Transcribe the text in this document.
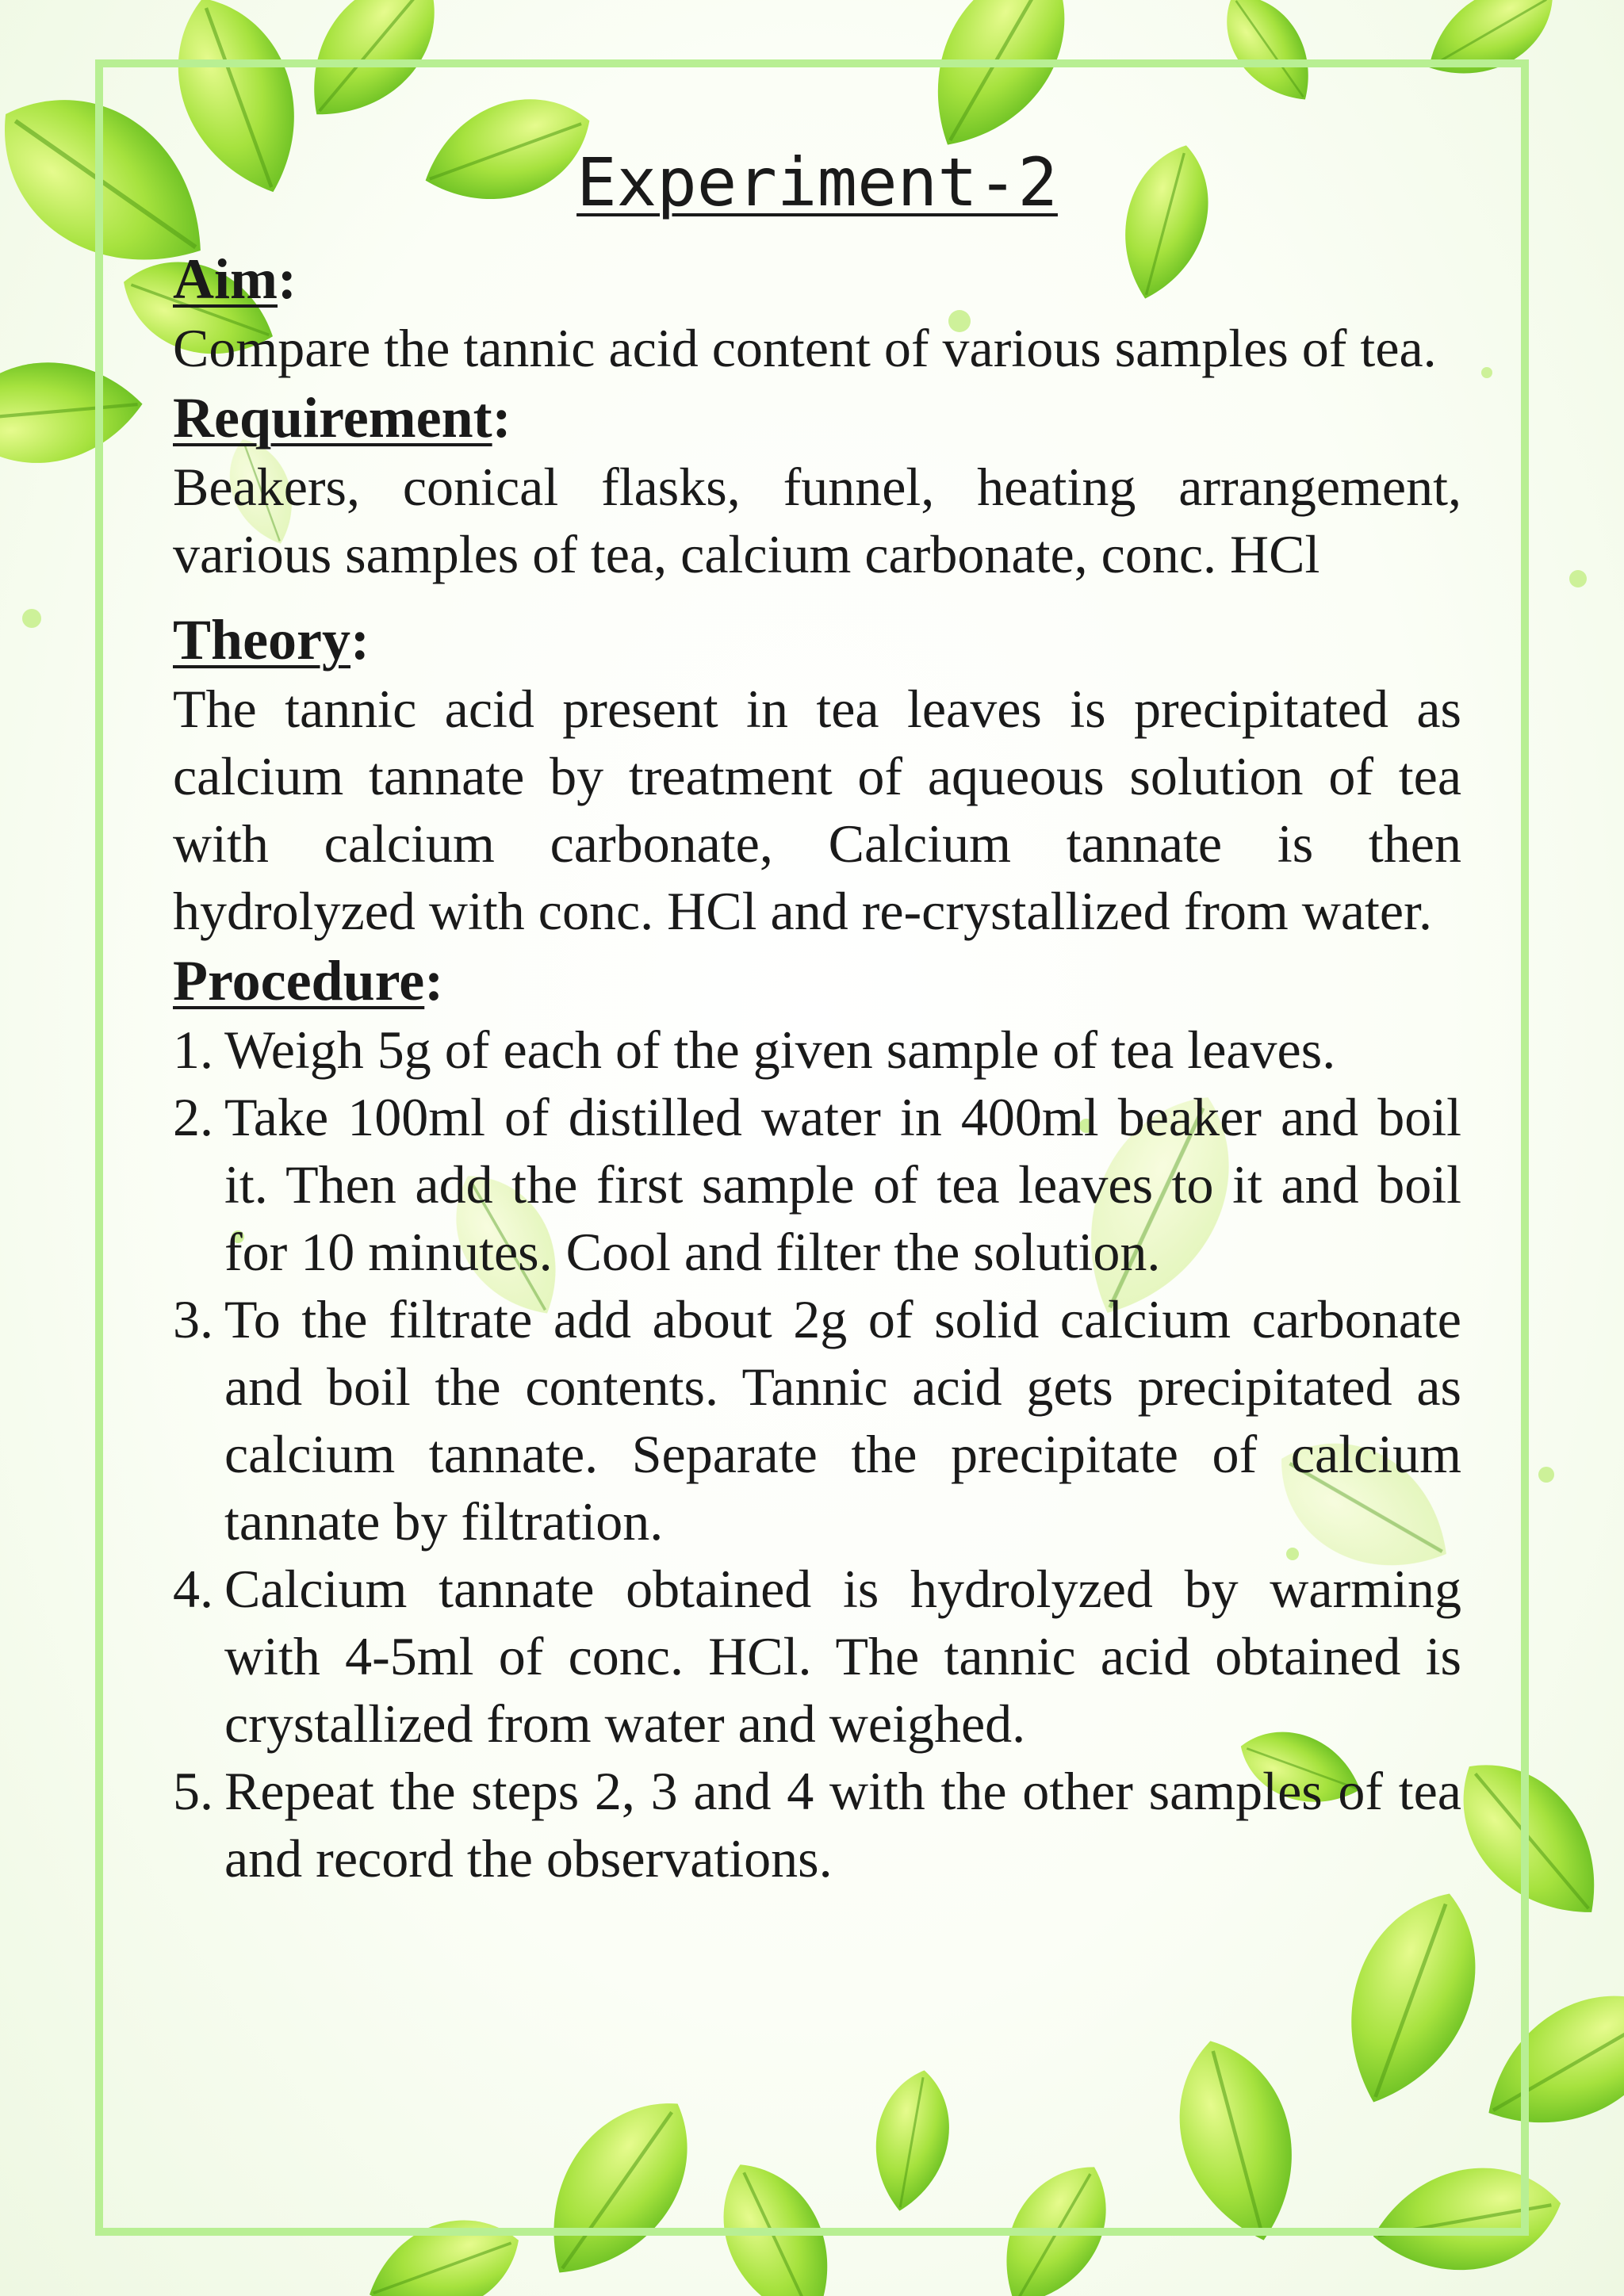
Experiment-2
Aim:
Compare the tannic acid content of various samples of tea.
Requirement:
Beakers, conical flasks, funnel, heating arrangement, various samples of tea, calcium carbonate, conc. HCl
Theory:
The tannic acid present in tea leaves is precipitated as calcium tannate by treatment of aqueous solution of tea with calcium carbonate, Calcium tannate is then hydrolyzed with conc. HCl and re-crystallized from water.
Procedure:
1. Weigh 5g of each of the given sample of tea leaves.
2. Take 100ml of distilled water in 400ml beaker and boil it. Then add the first sample of tea leaves to it and boil for 10 minutes. Cool and filter the solution.
3. To the filtrate add about 2g of solid calcium carbonate and boil the contents. Tannic acid gets precipitated as calcium tannate. Separate the precipitate of calcium tannate by filtration.
4. Calcium tannate obtained is hydrolyzed by warming with 4-5ml of conc. HCl. The tannic acid obtained is crystallized from water and weighed.
5. Repeat the steps 2, 3 and 4 with the other samples of tea and record the observations.
